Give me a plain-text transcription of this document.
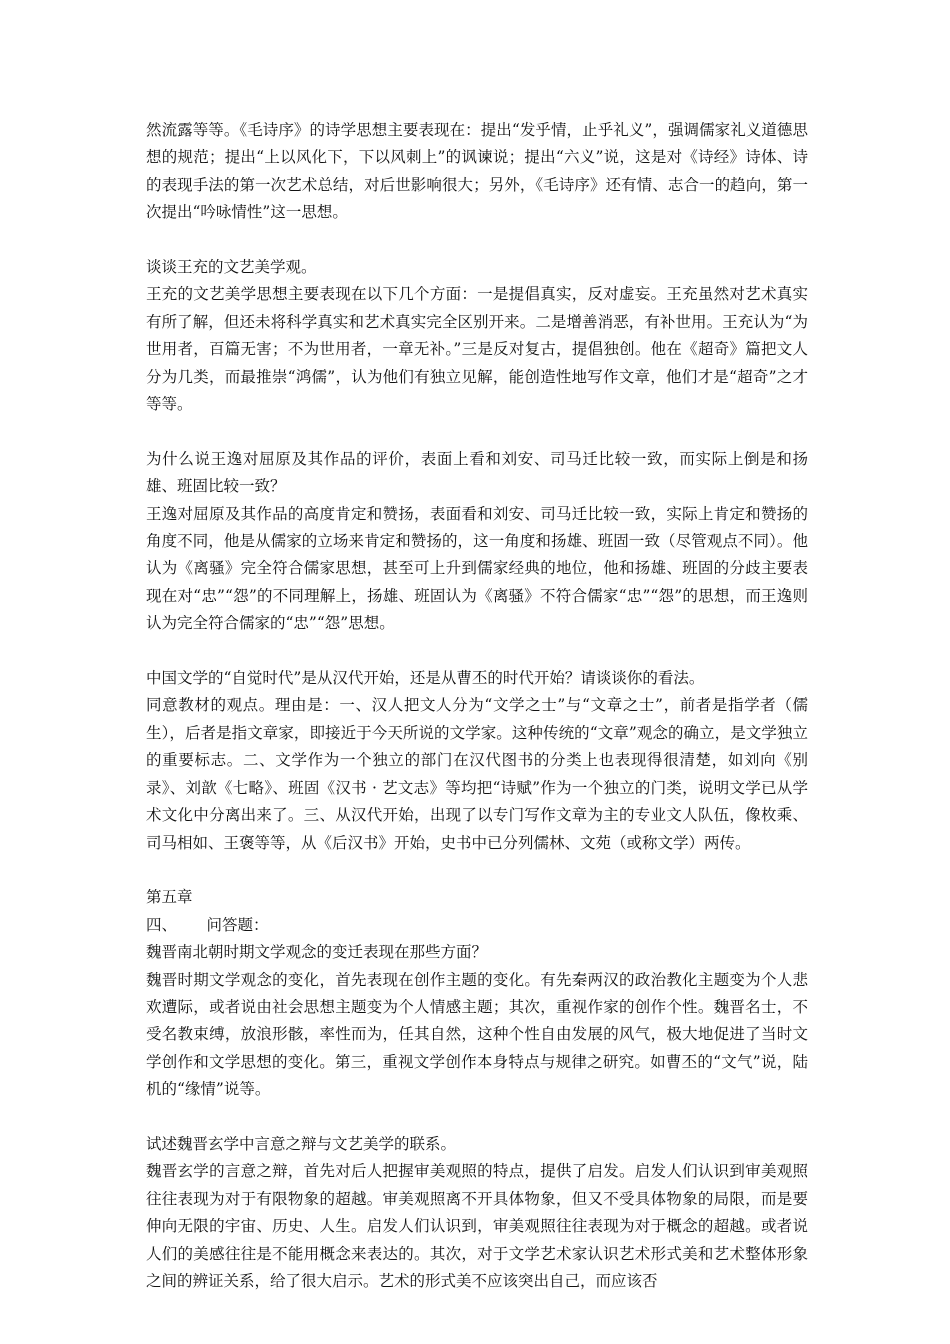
然流露等等。《毛诗序》的诗学思想主要表现在：提出“发乎情，止乎礼义”，强调儒家礼义道德思想的规范；提出“上以风化下，下以风刺上”的讽谏说；提出“六义”说，这是对《诗经》诗体、诗的表现手法的第一次艺术总结，对后世影响很大；另外，《毛诗序》还有情、志合一的趋向，第一次提出“吟咏情性”这一思想。

谈谈王充的文艺美学观。

王充的文艺美学思想主要表现在以下几个方面：一是提倡真实，反对虚妄。王充虽然对艺术真实有所了解，但还未将科学真实和艺术真实完全区别开来。二是增善消恶，有补世用。王充认为“为世用者，百篇无害；不为世用者，一章无补。”三是反对复古，提倡独创。他在《超奇》篇把文人分为几类，而最推崇“鸿儒”，认为他们有独立见解，能创造性地写作文章，他们才是“超奇”之才等等。

为什么说王逸对屈原及其作品的评价，表面上看和刘安、司马迁比较一致，而实际上倒是和扬雄、班固比较一致？

王逸对屈原及其作品的高度肯定和赞扬，表面看和刘安、司马迁比较一致，实际上肯定和赞扬的角度不同，他是从儒家的立场来肯定和赞扬的，这一角度和扬雄、班固一致（尽管观点不同）。他认为《离骚》完全符合儒家思想，甚至可上升到儒家经典的地位，他和扬雄、班固的分歧主要表现在对“忠”“怨”的不同理解上，扬雄、班固认为《离骚》不符合儒家“忠”“怨”的思想，而王逸则认为完全符合儒家的“忠”“怨”思想。

中国文学的“自觉时代”是从汉代开始，还是从曹丕的时代开始？请谈谈你的看法。

同意教材的观点。理由是：一、汉人把文人分为“文学之士”与“文章之士”，前者是指学者（儒生），后者是指文章家，即接近于今天所说的文学家。这种传统的“文章”观念的确立，是文学独立的重要标志。二、文学作为一个独立的部门在汉代图书的分类上也表现得很清楚，如刘向《别录》、刘歆《七略》、班固《汉书 · 艺文志》等均把“诗赋”作为一个独立的门类，说明文学已从学术文化中分离出来了。三、从汉代开始，出现了以专门写作文章为主的专业文人队伍，像枚乘、司马相如、王褒等等，从《后汉书》开始，史书中已分列儒林、文苑（或称文学）两传。

第五章

四、      问答题：

魏晋南北朝时期文学观念的变迁表现在那些方面？

魏晋时期文学观念的变化，首先表现在创作主题的变化。有先秦两汉的政治教化主题变为个人悲欢遭际，或者说由社会思想主题变为个人情感主题；其次，重视作家的创作个性。魏晋名士，不受名教束缚，放浪形骸，率性而为，任其自然，这种个性自由发展的风气，极大地促进了当时文学创作和文学思想的变化。第三，重视文学创作本身特点与规律之研究。如曹丕的“文气”说，陆机的“缘情”说等。

试述魏晋玄学中言意之辩与文艺美学的联系。

魏晋玄学的言意之辩，首先对后人把握审美观照的特点，提供了启发。启发人们认识到审美观照往往表现为对于有限物象的超越。审美观照离不开具体物象，但又不受具体物象的局限，而是要伸向无限的宇宙、历史、人生。启发人们认识到，审美观照往往表现为对于概念的超越。或者说人们的美感往往是不能用概念来表达的。其次，对于文学艺术家认识艺术形式美和艺术整体形象之间的辨证关系，给了很大启示。艺术的形式美不应该突出自己，而应该否
